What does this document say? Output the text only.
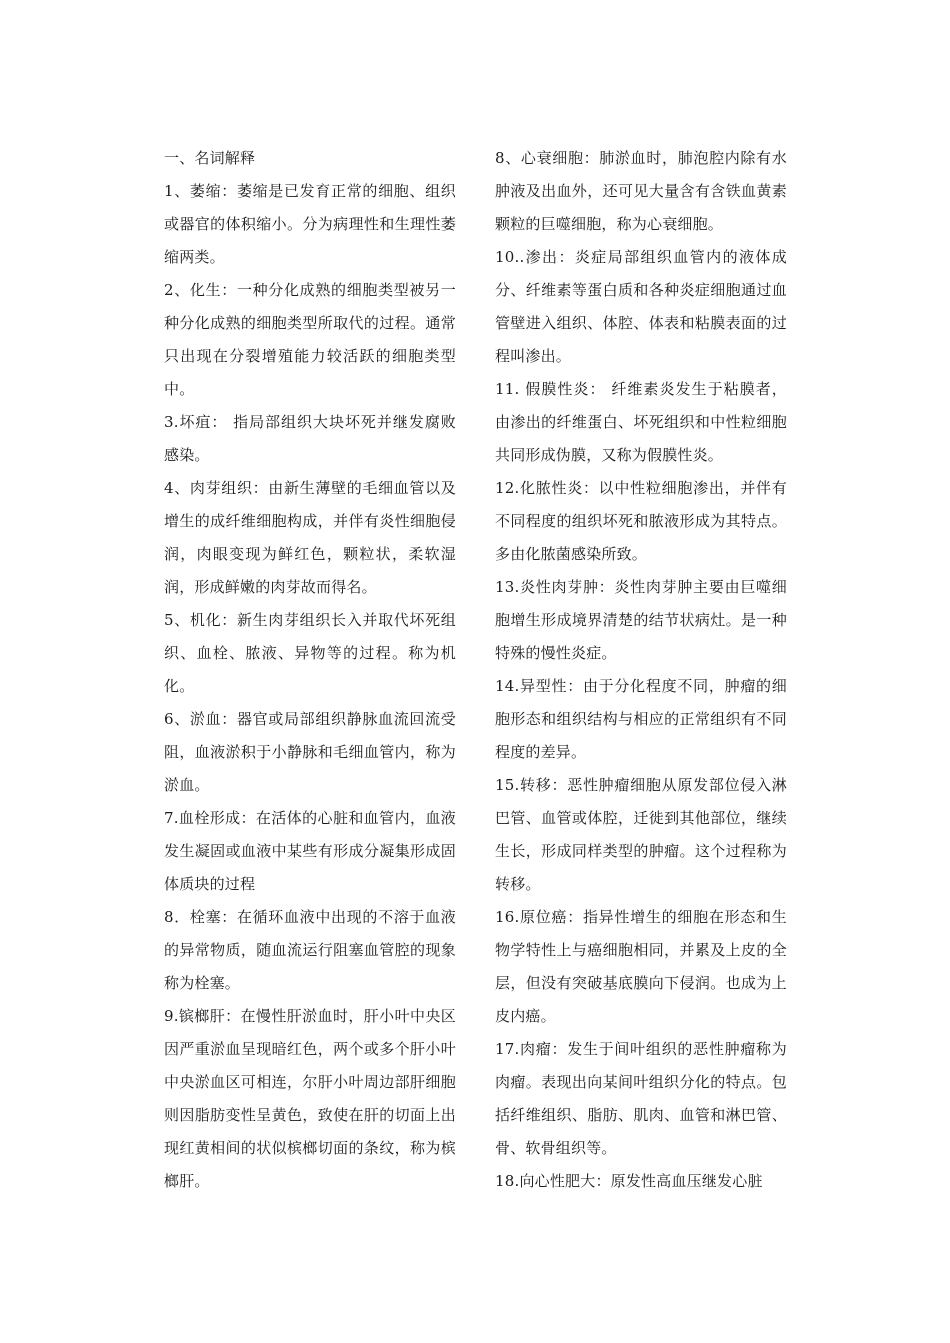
一、名词解释

1、萎缩：萎缩是已发育正常的细胞、组织或器官的体积缩小。分为病理性和生理性萎缩两类。

2、化生：一种分化成熟的细胞类型被另一种分化成熟的细胞类型所取代的过程。通常只出现在分裂增殖能力较活跃的细胞类型中。

3.坏疽： 指局部组织大块坏死并继发腐败感染。

4、肉芽组织：由新生薄壁的毛细血管以及增生的成纤维细胞构成，并伴有炎性细胞侵润，肉眼变现为鲜红色，颗粒状，柔软湿润，形成鲜嫩的肉芽故而得名。

5、机化：新生肉芽组织长入并取代坏死组织、血栓、脓液、异物等的过程。称为机化。

6、淤血：器官或局部组织静脉血流回流受阻，血液淤积于小静脉和毛细血管内，称为淤血。

7.血栓形成：在活体的心脏和血管内，血液发生凝固或血液中某些有形成分凝集形成固体质块的过程

8．栓塞：在循环血液中出现的不溶于血液的异常物质，随血流运行阻塞血管腔的现象称为栓塞。

9.镔榔肝：在慢性肝淤血时，肝小叶中央区因严重淤血呈现暗红色，两个或多个肝小叶中央淤血区可相连，尔肝小叶周边部肝细胞则因脂肪变性呈黄色，致使在肝的切面上出现红黄相间的状似槟榔切面的条纹，称为槟榔肝。

8、心衰细胞：肺淤血时，肺泡腔内除有水肿液及出血外，还可见大量含有含铁血黄素颗粒的巨噬细胞，称为心衰细胞。

10..渗出：炎症局部组织血管内的液体成分、纤维素等蛋白质和各种炎症细胞通过血管壁进入组织、体腔、体表和粘膜表面的过程叫渗出。

11. 假膜性炎： 纤维素炎发生于粘膜者，由渗出的纤维蛋白、坏死组织和中性粒细胞共同形成伪膜，又称为假膜性炎。

12.化脓性炎：以中性粒细胞渗出，并伴有不同程度的组织坏死和脓液形成为其特点。多由化脓菌感染所致。

13.炎性肉芽肿：炎性肉芽肿主要由巨噬细胞增生形成境界清楚的结节状病灶。是一种特殊的慢性炎症。

14.异型性：由于分化程度不同，肿瘤的细胞形态和组织结构与相应的正常组织有不同程度的差异。

15.转移：恶性肿瘤细胞从原发部位侵入淋巴管、血管或体腔，迁徙到其他部位，继续生长，形成同样类型的肿瘤。这个过程称为转移。

16.原位癌：指异性增生的细胞在形态和生物学特性上与癌细胞相同，并累及上皮的全层，但没有突破基底膜向下侵润。也成为上皮内癌。

17.肉瘤：发生于间叶组织的恶性肿瘤称为肉瘤。表现出向某间叶组织分化的特点。包括纤维组织、脂肪、肌肉、血管和淋巴管、骨、软骨组织等。

18.向心性肥大：原发性高血压继发心脏
